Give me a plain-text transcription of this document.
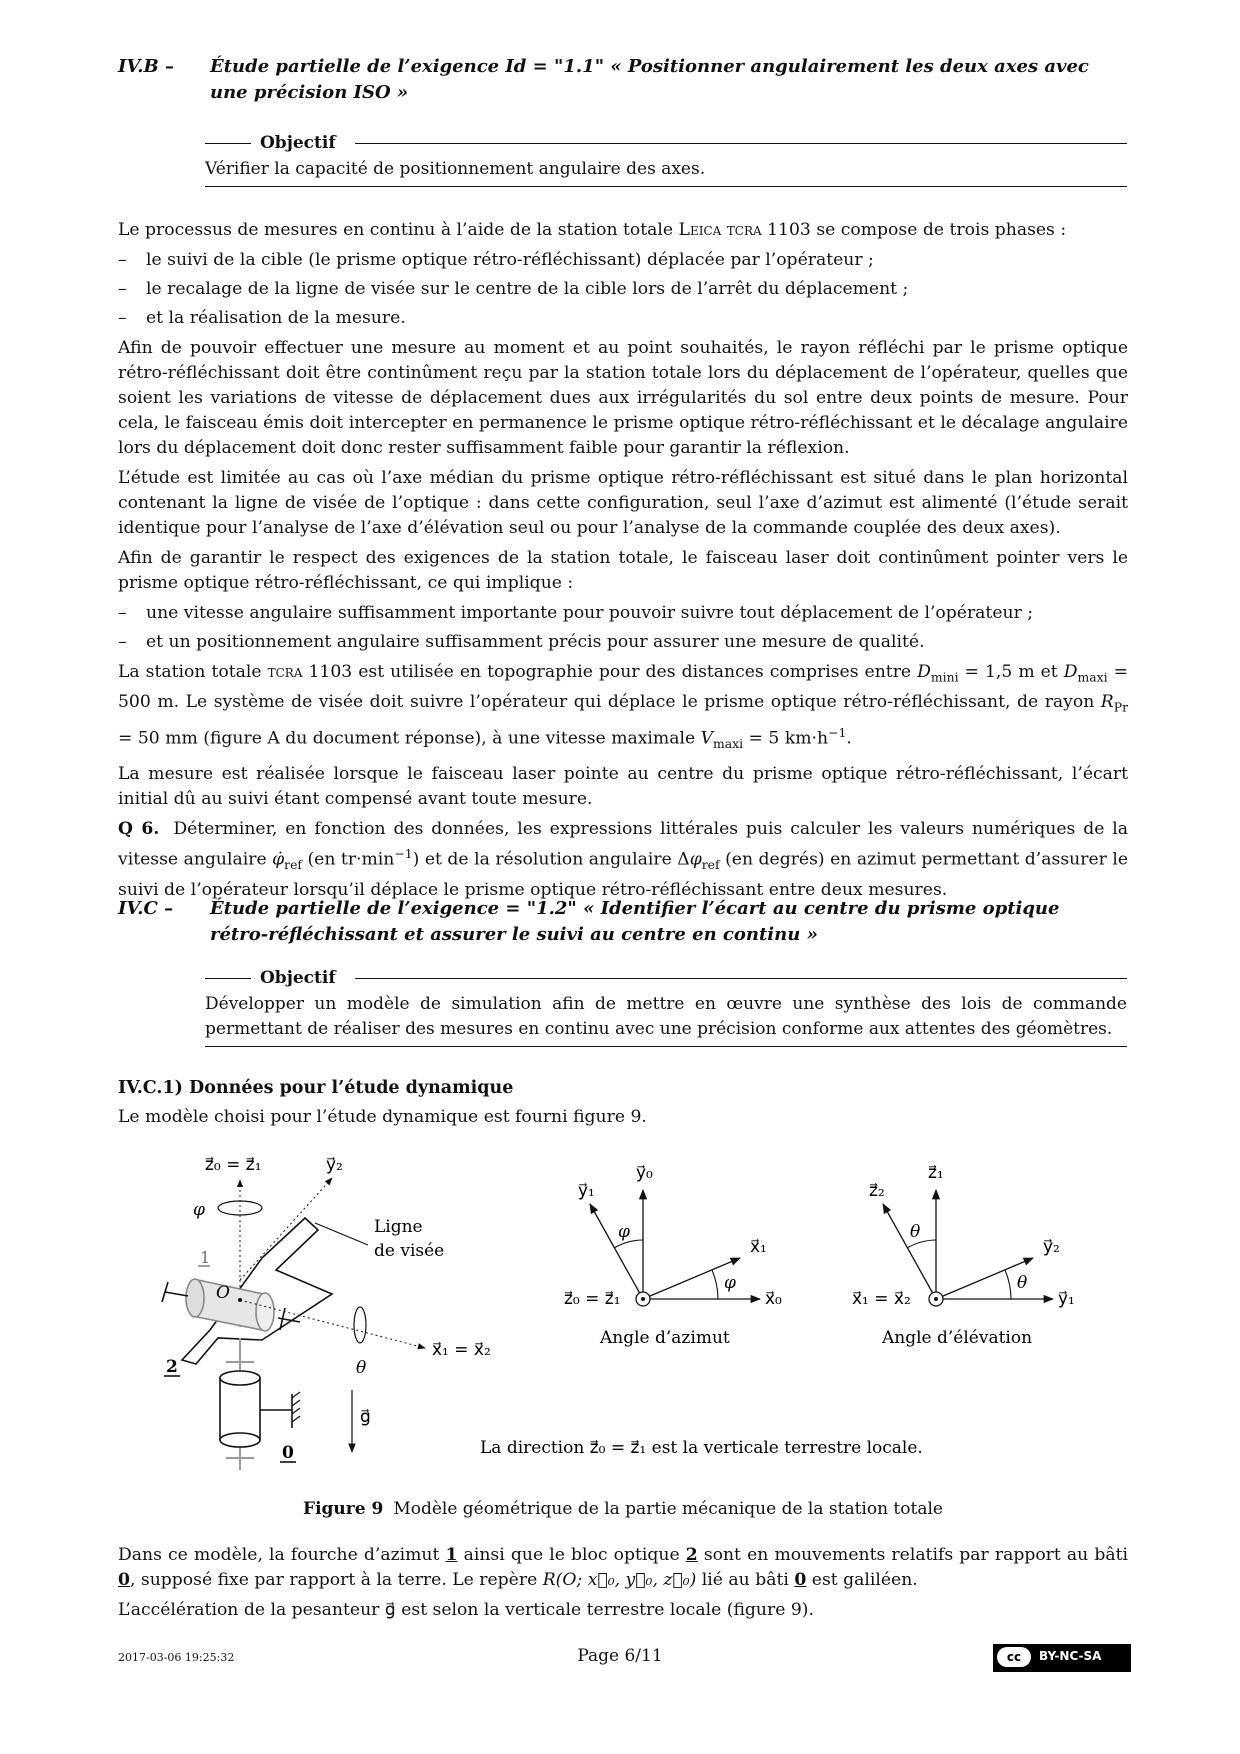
IV.B – Étude partielle de l’exigence Id = "1.1" « Positionner angulairement les deux axes avec une précision ISO »
Objectif
Vérifier la capacité de positionnement angulaire des axes.

Le processus de mesures en continu à l’aide de la station totale Leica tcra 1103 se compose de trois phases :

– le suivi de la cible (le prisme optique rétro-réfléchissant) déplacée par l’opérateur ;
– le recalage de la ligne de visée sur le centre de la cible lors de l’arrêt du déplacement ;
– et la réalisation de la mesure.

Afin de pouvoir effectuer une mesure au moment et au point souhaités, le rayon réfléchi par le prisme optique rétro-réfléchissant doit être continûment reçu par la station totale lors du déplacement de l’opérateur, quelles que soient les variations de vitesse de déplacement dues aux irrégularités du sol entre deux points de mesure. Pour cela, le faisceau émis doit intercepter en permanence le prisme optique rétro-réfléchissant et le décalage angulaire lors du déplacement doit donc rester suffisamment faible pour garantir la réflexion.

L’étude est limitée au cas où l’axe médian du prisme optique rétro-réfléchissant est situé dans le plan horizontal contenant la ligne de visée de l’optique : dans cette configuration, seul l’axe d’azimut est alimenté (l’étude serait identique pour l’analyse de l’axe d’élévation seul ou pour l’analyse de la commande couplée des deux axes).

Afin de garantir le respect des exigences de la station totale, le faisceau laser doit continûment pointer vers le prisme optique rétro-réfléchissant, ce qui implique :

– une vitesse angulaire suffisamment importante pour pouvoir suivre tout déplacement de l’opérateur ;
– et un positionnement angulaire suffisamment précis pour assurer une mesure de qualité.

La station totale tcra 1103 est utilisée en topographie pour des distances comprises entre $D_{mini} = 1,5$ m et $D_{maxi} = 500$ m. Le système de visée doit suivre l’opérateur qui déplace le prisme optique rétro-réfléchissant, de rayon $R_{Pr} = 50$ mm (figure A du document réponse), à une vitesse maximale $V_{maxi} = 5$ $km\cdot h^{-1}$.

La mesure est réalisée lorsque le faisceau laser pointe au centre du prisme optique rétro-réfléchissant, l’écart initial dû au suivi étant compensé avant toute mesure.

Q 6. Déterminer, en fonction des données, les expressions littérales puis calculer les valeurs numériques de la vitesse angulaire $\varphi̇_{ref}$ (en $tr\cdot\min^{-1}$) et de la résolution angulaire $\Delta\varphi_{ref}$ (en degrés) en azimut permettant d’assurer le suivi de l’opérateur lorsqu’il déplace le prisme optique rétro-réfléchissant entre deux mesures.

IV.C – Étude partielle de l’exigence = "1.2" « Identifier l’écart au centre du prisme optique rétro-réfléchissant et assurer le suivi au centre en continu »
Objectif
Développer un modèle de simulation afin de mettre en œuvre une synthèse des lois de commande permettant de réaliser des mesures en continu avec une précision conforme aux attentes des géomètres.
IV.C.1) Données pour l’étude dynamique
Le modèle choisi pour l’étude dynamique est fourni figure 9.
φ
z⃗₀ = z⃗₁	y⃗₂
Ligne
de visée
1
O
x⃗₁ = x⃗₂
θ
2
0
g⃗
y⃗₀
y⃗₁
x⃗₁
x⃗₀
z⃗₀ = z⃗₁
φ
φ
Angle d’azimut
z⃗₁
z⃗₂
y⃗₂
y⃗₁
x⃗₁ = x⃗₂
θ
θ
Angle d’élévation
La direction z⃗₀ = z⃗₁ est la verticale terrestre locale.
Figure 9 Modèle géométrique de la partie mécanique de la station totale

Dans ce modèle, la fourche d’azimut 1 ainsi que le bloc optique 2 sont en mouvements relatifs par rapport au bâti 0, supposé fixe par rapport à la terre. Le repère R(O; x⃗₀, y⃗₀, z⃗₀) lié au bâti 0 est galiléen.

L’accélération de la pesanteur g⃗ est selon la verticale terrestre locale (figure 9).

2017-03-06 19:25:32	Page 6/11	cc	BY-NC-SA
